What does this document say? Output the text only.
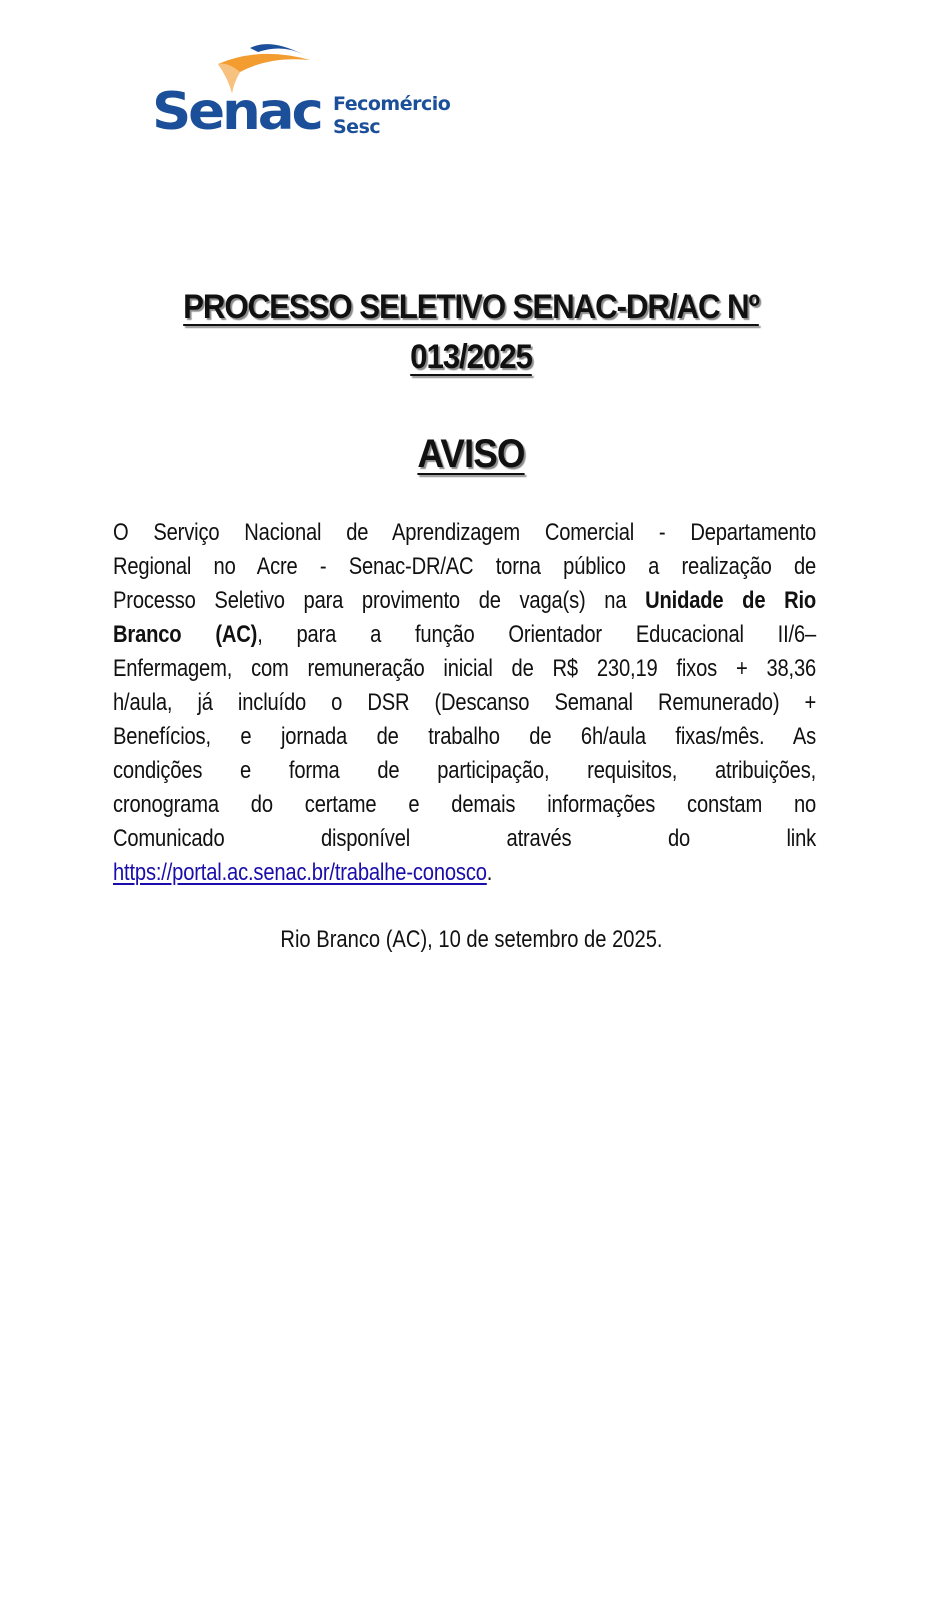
Senac Fecomércio
Sesc
PROCESSO SELETIVO SENAC-DR/AC Nº
013/2025
AVISO
O Serviço Nacional de Aprendizagem Comercial - Departamento
Regional no Acre - Senac-DR/AC torna público a realização de
Processo Seletivo para provimento de vaga(s) na Unidade de Rio
Branco (AC), para a função Orientador Educacional II/6–
Enfermagem, com remuneração inicial de R$ 230,19 fixos + 38,36
h/aula, já incluído o DSR (Descanso Semanal Remunerado) +
Benefícios, e jornada de trabalho de 6h/aula fixas/mês. As
condições e forma de participação, requisitos, atribuições,
cronograma do certame e demais informações constam no
Comunicado disponível através do link
https://portal.ac.senac.br/trabalhe-conosco.
Rio Branco (AC), 10 de setembro de 2025.
